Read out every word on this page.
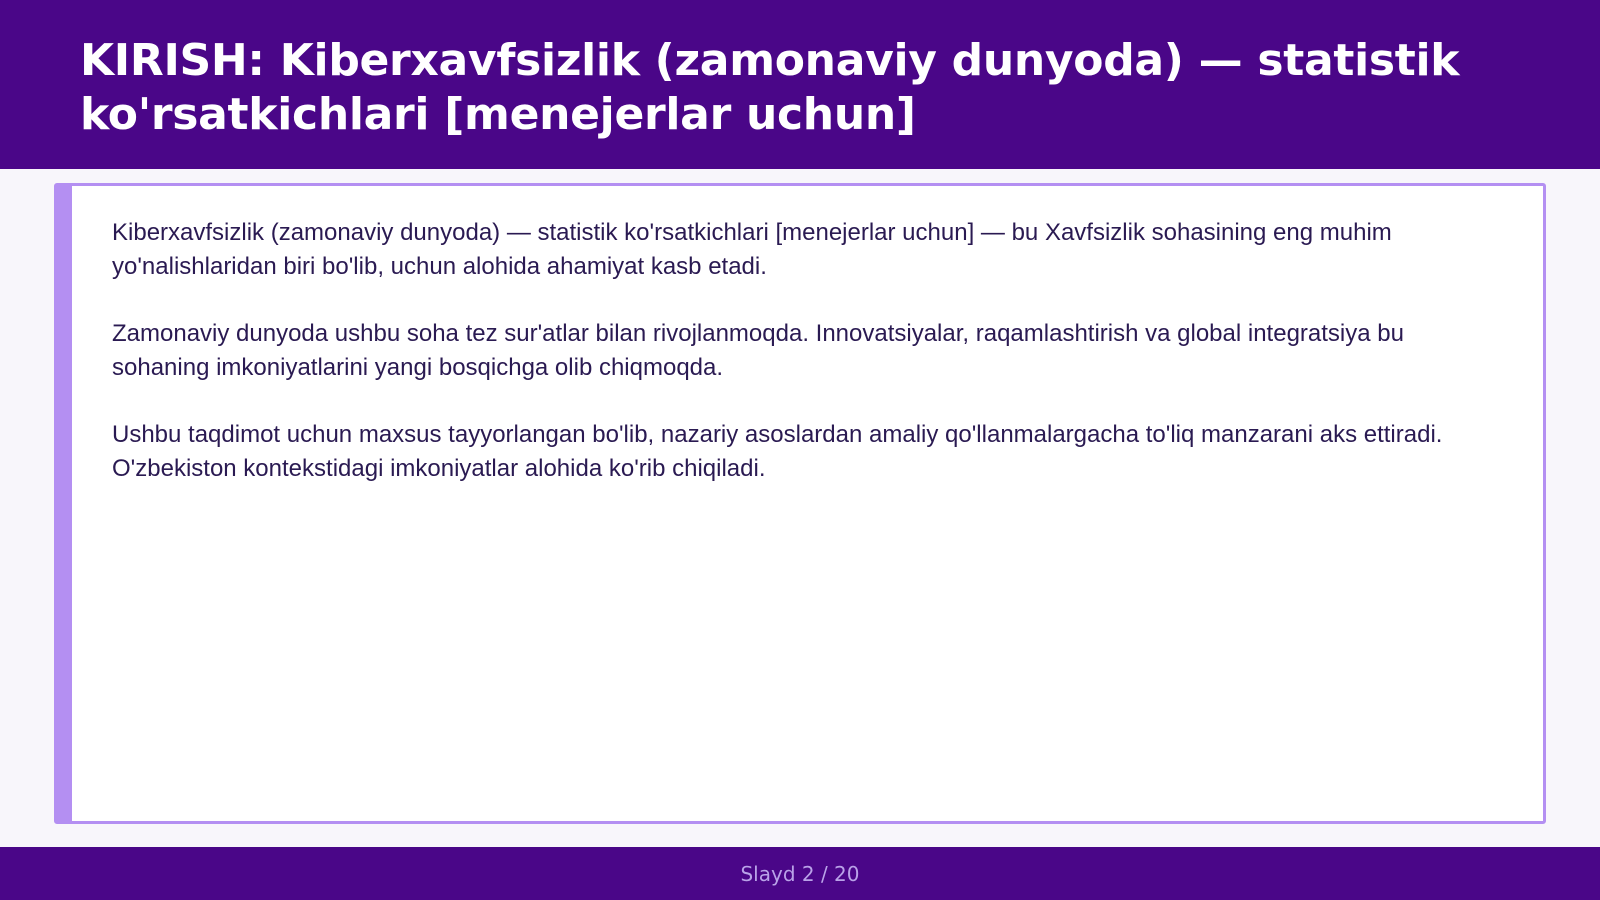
KIRISH: Kiberxavfsizlik (zamonaviy dunyoda) — statistik ko'rsatkichlari [menejerlar uchun]

Kiberxavfsizlik (zamonaviy dunyoda) — statistik ko'rsatkichlari [menejerlar uchun] — bu Xavfsizlik sohasining eng muhim yo'nalishlaridan biri bo'lib, uchun alohida ahamiyat kasb etadi.

Zamonaviy dunyoda ushbu soha tez sur'atlar bilan rivojlanmoqda. Innovatsiyalar, raqamlashtirish va global integratsiya bu sohaning imkoniyatlarini yangi bosqichga olib chiqmoqda.

Ushbu taqdimot uchun maxsus tayyorlangan bo'lib, nazariy asoslardan amaliy qo'llanmalargacha to'liq manzarani aks ettiradi. O'zbekiston kontekstidagi imkoniyatlar alohida ko'rib chiqiladi.

Slayd 2 / 20
